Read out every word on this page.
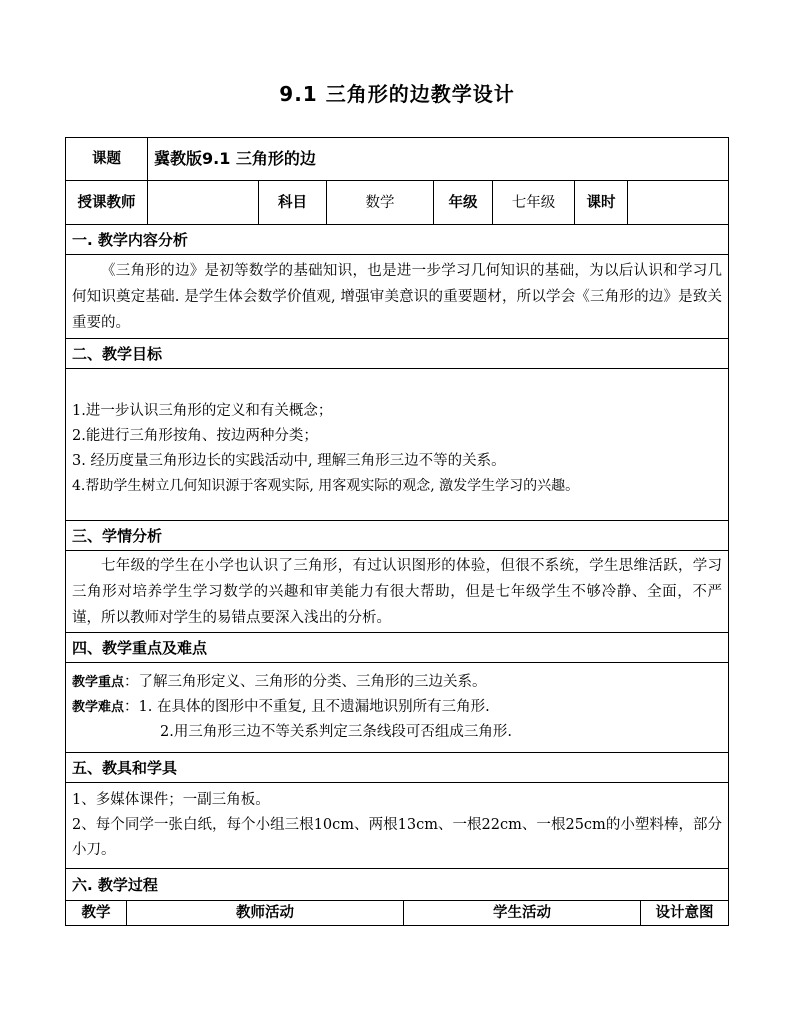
9.1 三角形的边教学设计
课题	冀教版9.1 三角形的边					
授课教师		科目	数学	年级	七年级	课时

一. 教学内容分析						

《三角形的边》是初等数学的基础知识，也是进一步学习几何知识的基础，为以后认识和学习几何知识奠定基础. 是学生体会数学价值观, 增强审美意识的重要题材，所以学会《三角形的边》是致关重要的。						

二、教学目标						

1.进一步认识三角形的定义和有关概念；

2.能进行三角形按角、按边两种分类；

3. 经历度量三角形边长的实践活动中, 理解三角形三边不等的关系。

4.帮助学生树立几何知识源于客观实际, 用客观实际的观念, 激发学生学习的兴趣。						

三、学情分析						

七年级的学生在小学也认识了三角形，有过认识图形的体验，但很不系统，学生思维活跃，学习三角形对培养学生学习数学的兴趣和审美能力有很大帮助，但是七年级学生不够冷静、全面，不严谨，所以教师对学生的易错点要深入浅出的分析。						

四、教学重点及难点						

教学重点：了解三角形定义、三角形的分类、三角形的三边关系。

教学难点：1. 在具体的图形中不重复, 且不遗漏地识别所有三角形.

2.用三角形三边不等关系判定三条线段可否组成三角形.						

五、教具和学具						

1、多媒体课件；一副三角板。

2、每个同学一张白纸，每个小组三根10cm、两根13cm、一根22cm、一根25cm的小塑料棒，部分小刀。						

六. 教学过程						

教学 教师活动 学生活动 设计意图						
